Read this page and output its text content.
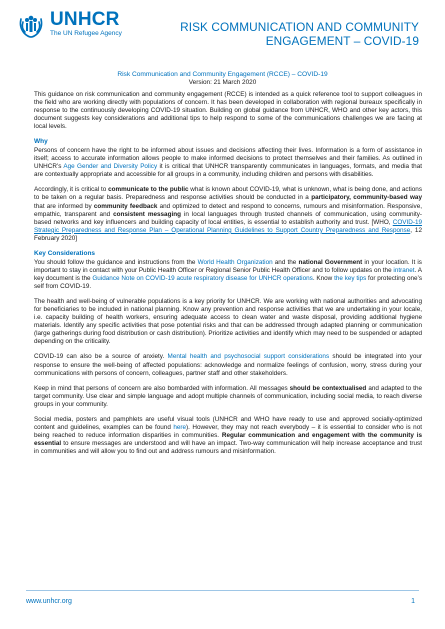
UNHCR
The UN Refugee Agency	RISK COMMUNICATION AND COMMUNITY
ENGAGEMENT – COVID-19
Risk Communication and Community Engagement (RCCE) – COVID-19
Version: 21 March 2020

This guidance on risk communication and community engagement (RCCE) is intended as a quick reference tool to support colleagues in the field who are working directly with populations of concern. It has been developed in collaboration with regional bureaux specifically in response to the continuously developing COVID-19 situation. Building on global guidance from UNHCR, WHO and other key actors, this document suggests key considerations and additional tips to help respond to some of the communications challenges we are facing at local levels.

Why

Persons of concern have the right to be informed about issues and decisions affecting their lives. Information is a form of assistance in itself; access to accurate information allows people to make informed decisions to protect themselves and their families. As outlined in UNHCR’s Age Gender and Diversity Policy it is critical that UNHCR transparently communicates in languages, formats, and media that are contextually appropriate and accessible for all groups in a community, including children and persons with disabilities.

Accordingly, it is critical to communicate to the public what is known about COVID-19, what is unknown, what is being done, and actions to be taken on a regular basis. Preparedness and response activities should be conducted in a participatory, community-based way that are informed by community feedback and optimized to detect and respond to concerns, rumours and misinformation. Responsive, empathic, transparent and consistent messaging in local languages through trusted channels of communication, using community-based networks and key influencers and building capacity of local entities, is essential to establish authority and trust. [WHO, COVID-19 Strategic Preparedness and Response Plan – Operational Planning Guidelines to Support Country Preparedness and Response, 12 February 2020]

Key Considerations

You should follow the guidance and instructions from the World Health Organization and the national Government in your location. It is important to stay in contact with your Public Health Officer or Regional Senior Public Health Officer and to follow updates on the intranet. A key document is the Guidance Note on COVID-19 acute respiratory disease for UNHCR operations. Know the key tips for protecting one’s self from COVID-19.

The health and well-being of vulnerable populations is a key priority for UNHCR. We are working with national authorities and advocating for beneficiaries to be included in national planning. Know any prevention and response activities that we are undertaking in your locale, i.e. capacity building of health workers, ensuring adequate access to clean water and waste disposal, providing additional hygiene materials. Identify any specific activities that pose potential risks and that can be addressed through adapted planning or communication (large gatherings during food distribution or cash distribution). Prioritize activities and identify which may need to be suspended or adapted depending on the criticality.

COVID-19 can also be a source of anxiety. Mental health and psychosocial support considerations should be integrated into your response to ensure the well-being of affected populations: acknowledge and normalize feelings of confusion, worry, stress during your communications with persons of concern, colleagues, partner staff and other stakeholders.

Keep in mind that persons of concern are also bombarded with information. All messages should be contextualised and adapted to the target community. Use clear and simple language and adopt multiple channels of communication, including social media, to reach diverse groups in your community.

Social media, posters and pamphlets are useful visual tools (UNHCR and WHO have ready to use and approved socially-optimized content and guidelines, examples can be found here). However, they may not reach everybody – it is essential to consider who is not being reached to reduce information disparities in communities. Regular communication and engagement with the community is essential to ensure messages are understood and will have an impact. Two-way communication will help increase acceptance and trust in communities and will allow you to find out and address rumours and misinformation.

www.unhcr.org	1
